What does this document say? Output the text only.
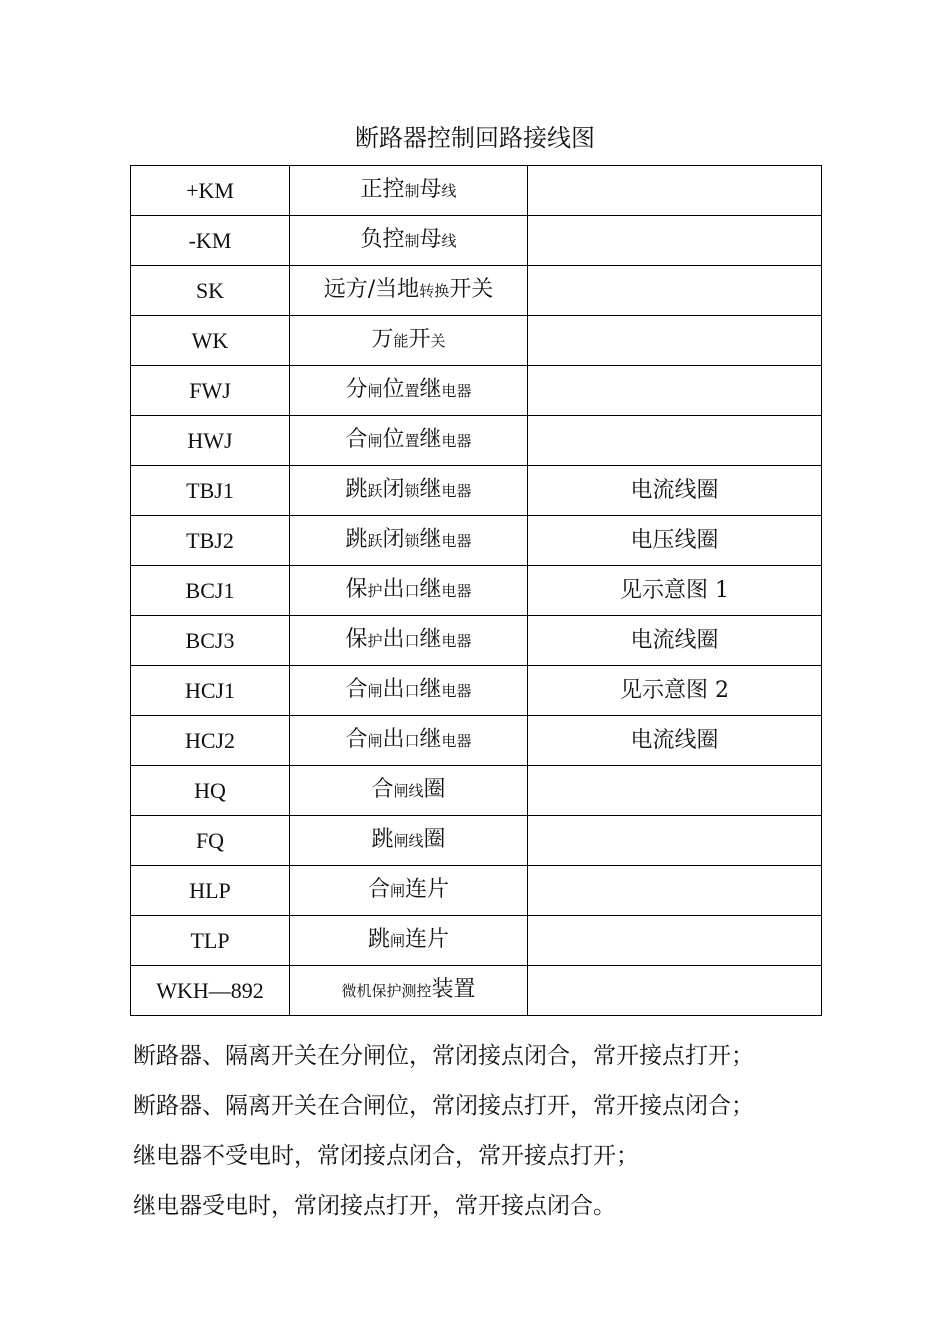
断路器控制回路接线图
+KM	正控制母线	
-KM	负控制母线	
SK	远方/当地转换开关	
WK	万能开关	
FWJ	分闸位置继电器	
HWJ	合闸位置继电器	
TBJ1	跳跃闭锁继电器	电流线圈
TBJ2	跳跃闭锁继电器	电压线圈
BCJ1	保护出口继电器	见示意图 1
BCJ3	保护出口继电器	电流线圈
HCJ1	合闸出口继电器	见示意图 2
HCJ2	合闸出口继电器	电流线圈
HQ	合闸线圈	
FQ	跳闸线圈	
HLP	合闸连片	
TLP	跳闸连片	
WKH—892	微机保护测控装置	
断路器、隔离开关在分闸位，常闭接点闭合，常开接点打开；
断路器、隔离开关在合闸位，常闭接点打开，常开接点闭合；
继电器不受电时，常闭接点闭合，常开接点打开；
继电器受电时，常闭接点打开，常开接点闭合。
